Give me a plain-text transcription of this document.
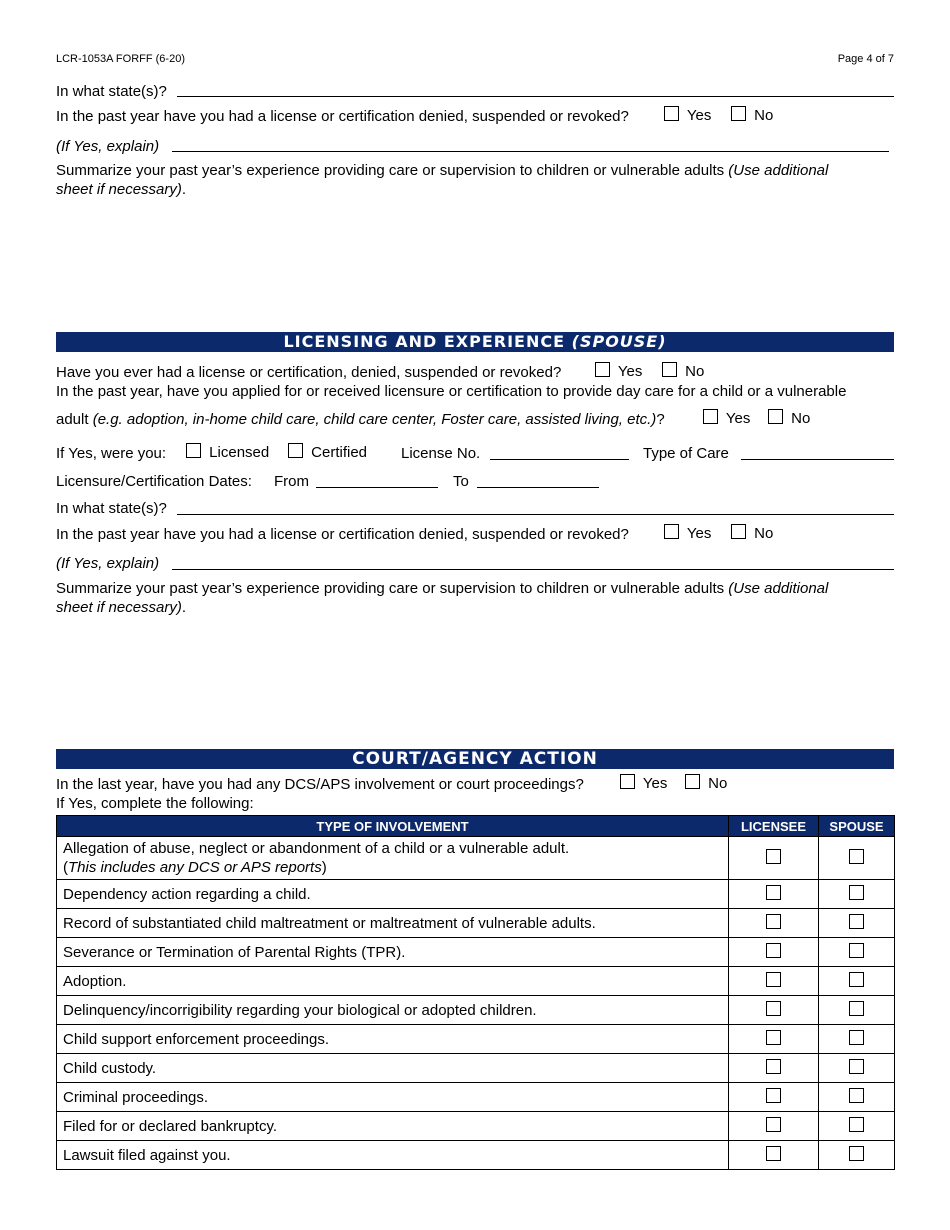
LCR-1053A FORFF (6-20)	Page 4 of 7
In what state(s)?
In the past year have you had a license or certification denied, suspended or revoked?	Yes	No
(If Yes, explain)
Summarize your past year’s experience providing care or supervision to children or vulnerable adults (Use additional
sheet if necessary).
LICENSING AND EXPERIENCE (SPOUSE)
Have you ever had a license or certification, denied, suspended or revoked?	Yes	No
In the past year, have you applied for or received licensure or certification to provide day care for a child or a vulnerable
adult (e.g. adoption, in-home child care, child care center, Foster care, assisted living, etc.)?	Yes	No
If Yes, were you:	Licensed	Certified License No.	Type of Care
Licensure/Certification Dates: From	To
In what state(s)?
In the past year have you had a license or certification denied, suspended or revoked?	Yes	No
(If Yes, explain)
Summarize your past year’s experience providing care or supervision to children or vulnerable adults (Use additional
sheet if necessary).
COURT/AGENCY ACTION
In the last year, have you had any DCS/APS involvement or court proceedings?	Yes	No
If Yes, complete the following:
TYPE OF INVOLVEMENT	LICENSEE	SPOUSE

Allegation of abuse, neglect or abandonment of a child or a vulnerable adult.
(This includes any DCS or APS reports)		

Dependency action regarding a child.		
Record of substantiated child maltreatment or maltreatment of vulnerable adults.		
Severance or Termination of Parental Rights (TPR).		
Adoption.		
Delinquency/incorrigibility regarding your biological or adopted children.		
Child support enforcement proceedings.		
Child custody.		
Criminal proceedings.		
Filed for or declared bankruptcy.		
Lawsuit filed against you.		
